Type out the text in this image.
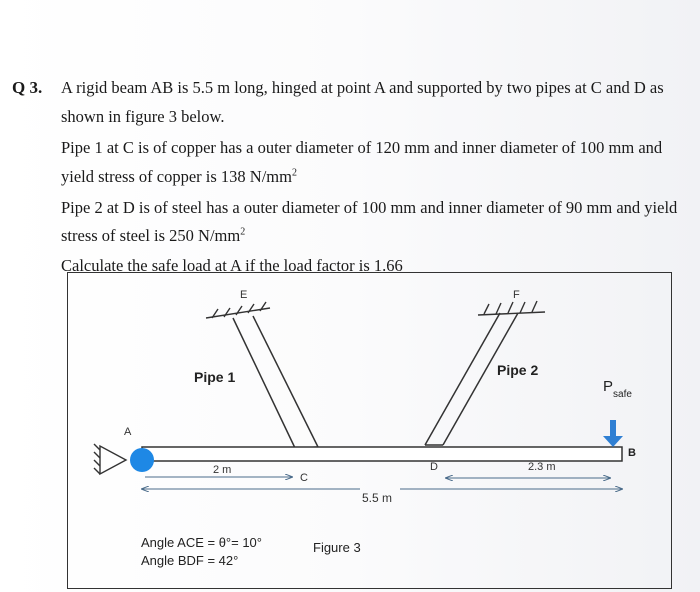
Q 3. A rigid beam AB is 5.5 m long, hinged at point A and supported by two pipes at C and D as
shown in figure 3 below.
Pipe 1 at C is of copper has a outer diameter of 120 mm and inner diameter of 100 mm and
yield stress of copper is 138 $N/mm^2$
Pipe 2 at D is of steel has a outer diameter of 100 mm and inner diameter of 90 mm and yield
stress of steel is 250 $N/mm^2$
Calculate the safe load at A if the load factor is 1.66
E
Pipe 1
F
Pipe 2
A
$P_{safe}$
B
2 m
C
D	2.3 m
5.5 m
Angle ACE = θ°= 10°
Angle BDF = 42°
Figure 3
